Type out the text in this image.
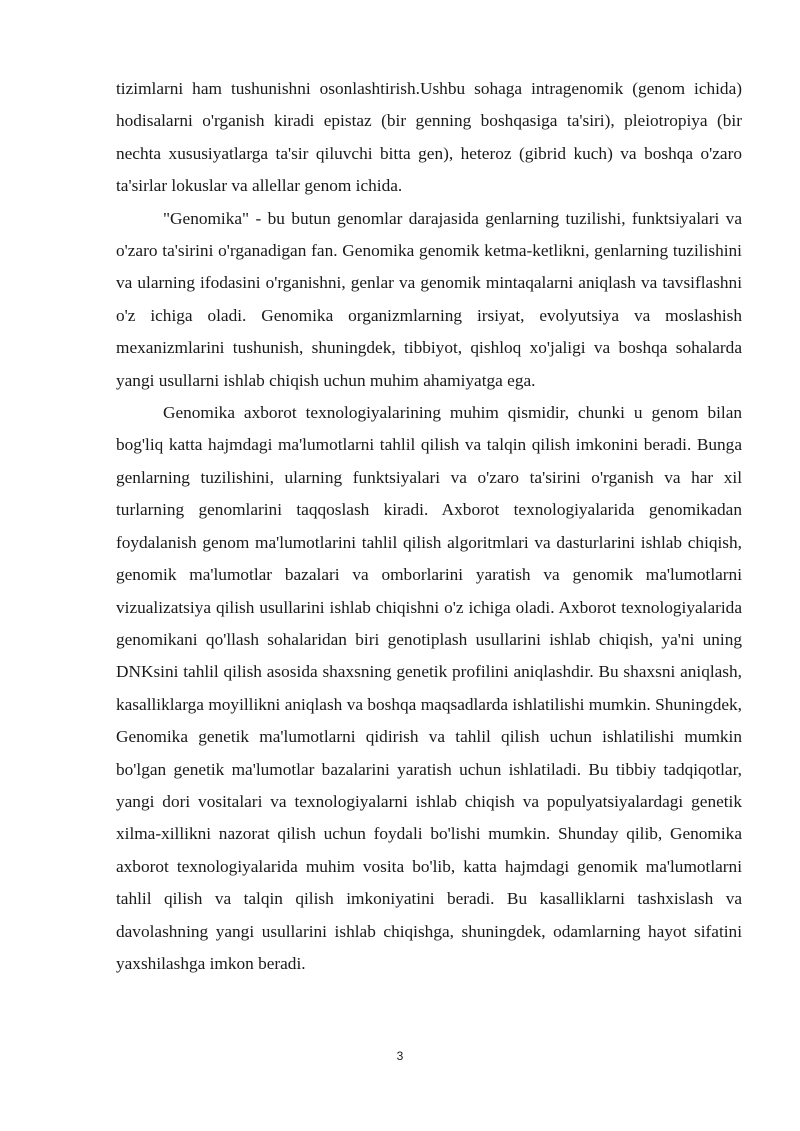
tizimlarni ham tushunishni osonlashtirish.Ushbu sohaga intragenomik (genom ichida) hodisalarni o'rganish kiradi epistaz (bir genning boshqasiga ta'siri), pleiotropiya (bir nechta xususiyatlarga ta'sir qiluvchi bitta gen), heteroz (gibrid kuch) va boshqa o'zaro ta'sirlar lokuslar va allellar genom ichida.

"Genomika" - bu butun genomlar darajasida genlarning tuzilishi, funktsiyalari va o'zaro ta'sirini o'rganadigan fan. Genomika genomik ketma-ketlikni, genlarning tuzilishini va ularning ifodasini o'rganishni, genlar va genomik mintaqalarni aniqlash va tavsiflashni o'z ichiga oladi. Genomika organizmlarning irsiyat, evolyutsiya va moslashish mexanizmlarini tushunish, shuningdek, tibbiyot, qishloq xo'jaligi va boshqa sohalarda yangi usullarni ishlab chiqish uchun muhim ahamiyatga ega.

Genomika axborot texnologiyalarining muhim qismidir, chunki u genom bilan bog'liq katta hajmdagi ma'lumotlarni tahlil qilish va talqin qilish imkonini beradi. Bunga genlarning tuzilishini, ularning funktsiyalari va o'zaro ta'sirini o'rganish va har xil turlarning genomlarini taqqoslash kiradi. Axborot texnologiyalarida genomikadan foydalanish genom ma'lumotlarini tahlil qilish algoritmlari va dasturlarini ishlab chiqish, genomik ma'lumotlar bazalari va omborlarini yaratish va genomik ma'lumotlarni vizualizatsiya qilish usullarini ishlab chiqishni o'z ichiga oladi. Axborot texnologiyalarida genomikani qo'llash sohalaridan biri genotiplash usullarini ishlab chiqish, ya'ni uning DNKsini tahlil qilish asosida shaxsning genetik profilini aniqlashdir. Bu shaxsni aniqlash, kasalliklarga moyillikni aniqlash va boshqa maqsadlarda ishlatilishi mumkin. Shuningdek, Genomika genetik ma'lumotlarni qidirish va tahlil qilish uchun ishlatilishi mumkin bo'lgan genetik ma'lumotlar bazalarini yaratish uchun ishlatiladi. Bu tibbiy tadqiqotlar, yangi dori vositalari va texnologiyalarni ishlab chiqish va populyatsiyalardagi genetik xilma-xillikni nazorat qilish uchun foydali bo'lishi mumkin. Shunday qilib, Genomika axborot texnologiyalarida muhim vosita bo'lib, katta hajmdagi genomik ma'lumotlarni tahlil qilish va talqin qilish imkoniyatini beradi. Bu kasalliklarni tashxislash va davolashning yangi usullarini ishlab chiqishga, shuningdek, odamlarning hayot sifatini yaxshilashga imkon beradi.

3
